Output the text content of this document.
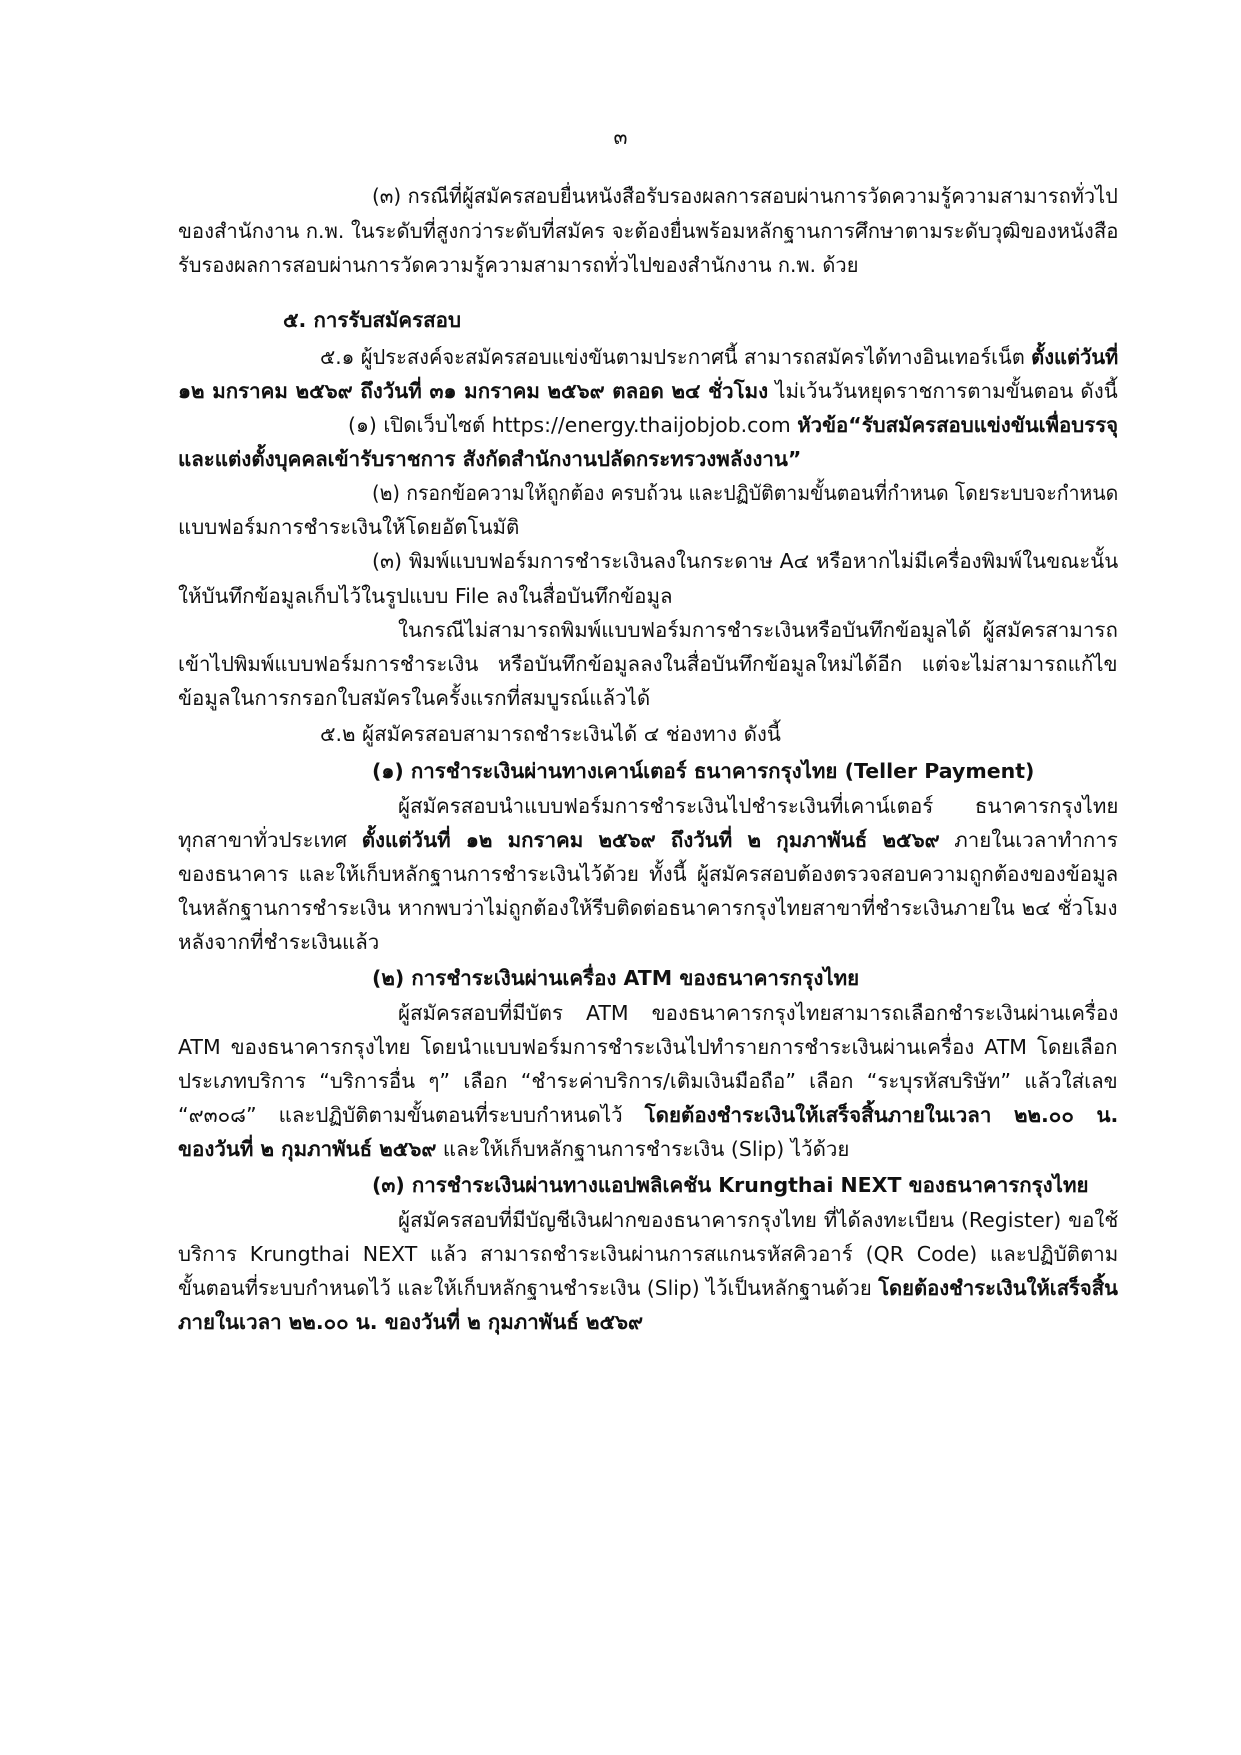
๓
(๓) กรณีที่ผู้สมัครสอบยื่นหนังสือรับรองผลการสอบผ่านการวัดความรู้ความสามารถทั่วไป
ของสำนักงาน ก.พ. ในระดับที่สูงกว่าระดับที่สมัคร จะต้องยื่นพร้อมหลักฐานการศึกษาตามระดับวุฒิของหนังสือ
รับรองผลการสอบผ่านการวัดความรู้ความสามารถทั่วไปของสำนักงาน ก.พ. ด้วย
๕. การรับสมัครสอบ
๕.๑ ผู้ประสงค์จะสมัครสอบแข่งขันตามประกาศนี้ สามารถสมัครได้ทางอินเทอร์เน็ต ตั้งแต่วันที่
๑๒ มกราคม ๒๕๖๙ ถึงวันที่ ๓๑ มกราคม ๒๕๖๙ ตลอด ๒๔ ชั่วโมง ไม่เว้นวันหยุดราชการตามขั้นตอน ดังนี้
(๑) เปิดเว็บไซต์ https://energy.thaijobjob.com หัวข้อ“รับสมัครสอบแข่งขันเพื่อบรรจุ
และแต่งตั้งบุคคลเข้ารับราชการ สังกัดสำนักงานปลัดกระทรวงพลังงาน”
(๒) กรอกข้อความให้ถูกต้อง ครบถ้วน และปฏิบัติตามขั้นตอนที่กำหนด โดยระบบจะกำหนด
แบบฟอร์มการชำระเงินให้โดยอัตโนมัติ
(๓) พิมพ์แบบฟอร์มการชำระเงินลงในกระดาษ A๔ หรือหากไม่มีเครื่องพิมพ์ในขณะนั้น
ให้บันทึกข้อมูลเก็บไว้ในรูปแบบ File ลงในสื่อบันทึกข้อมูล
ในกรณีไม่สามารถพิมพ์แบบฟอร์มการชำระเงินหรือบันทึกข้อมูลได้ ผู้สมัครสามารถ
เข้าไปพิมพ์แบบฟอร์มการชำระเงิน หรือบันทึกข้อมูลลงในสื่อบันทึกข้อมูลใหม่ได้อีก แต่จะไม่สามารถแก้ไข
ข้อมูลในการกรอกใบสมัครในครั้งแรกที่สมบูรณ์แล้วได้
๕.๒ ผู้สมัครสอบสามารถชำระเงินได้ ๔ ช่องทาง ดังนี้
(๑) การชำระเงินผ่านทางเคาน์เตอร์ ธนาคารกรุงไทย (Teller Payment)
ผู้สมัครสอบนำแบบฟอร์มการชำระเงินไปชำระเงินที่เคาน์เตอร์ ธนาคารกรุงไทย
ทุกสาขาทั่วประเทศ ตั้งแต่วันที่ ๑๒ มกราคม ๒๕๖๙ ถึงวันที่ ๒ กุมภาพันธ์ ๒๕๖๙ ภายในเวลาทำการ
ของธนาคาร และให้เก็บหลักฐานการชำระเงินไว้ด้วย ทั้งนี้ ผู้สมัครสอบต้องตรวจสอบความถูกต้องของข้อมูล
ในหลักฐานการชำระเงิน หากพบว่าไม่ถูกต้องให้รีบติดต่อธนาคารกรุงไทยสาขาที่ชำระเงินภายใน ๒๔ ชั่วโมง
หลังจากที่ชำระเงินแล้ว
(๒) การชำระเงินผ่านเครื่อง ATM ของธนาคารกรุงไทย
ผู้สมัครสอบที่มีบัตร ATM ของธนาคารกรุงไทยสามารถเลือกชำระเงินผ่านเครื่อง
ATM ของธนาคารกรุงไทย โดยนำแบบฟอร์มการชำระเงินไปทำรายการชำระเงินผ่านเครื่อง ATM โดยเลือก
ประเภทบริการ “บริการอื่น ๆ” เลือก “ชำระค่าบริการ/เติมเงินมือถือ” เลือก “ระบุรหัสบริษัท” แล้วใส่เลข
“๙๓๐๘” และปฏิบัติตามขั้นตอนที่ระบบกำหนดไว้ โดยต้องชำระเงินให้เสร็จสิ้นภายในเวลา ๒๒.๐๐ น.
ของวันที่ ๒ กุมภาพันธ์ ๒๕๖๙ และให้เก็บหลักฐานการชำระเงิน (Slip) ไว้ด้วย
(๓) การชำระเงินผ่านทางแอปพลิเคชัน Krungthai NEXT ของธนาคารกรุงไทย
ผู้สมัครสอบที่มีบัญชีเงินฝากของธนาคารกรุงไทย ที่ได้ลงทะเบียน (Register) ขอใช้
บริการ Krungthai NEXT แล้ว สามารถชำระเงินผ่านการสแกนรหัสคิวอาร์ (QR Code) และปฏิบัติตาม
ขั้นตอนที่ระบบกำหนดไว้ และให้เก็บหลักฐานชำระเงิน (Slip) ไว้เป็นหลักฐานด้วย โดยต้องชำระเงินให้เสร็จสิ้น
ภายในเวลา ๒๒.๐๐ น. ของวันที่ ๒ กุมภาพันธ์ ๒๕๖๙
